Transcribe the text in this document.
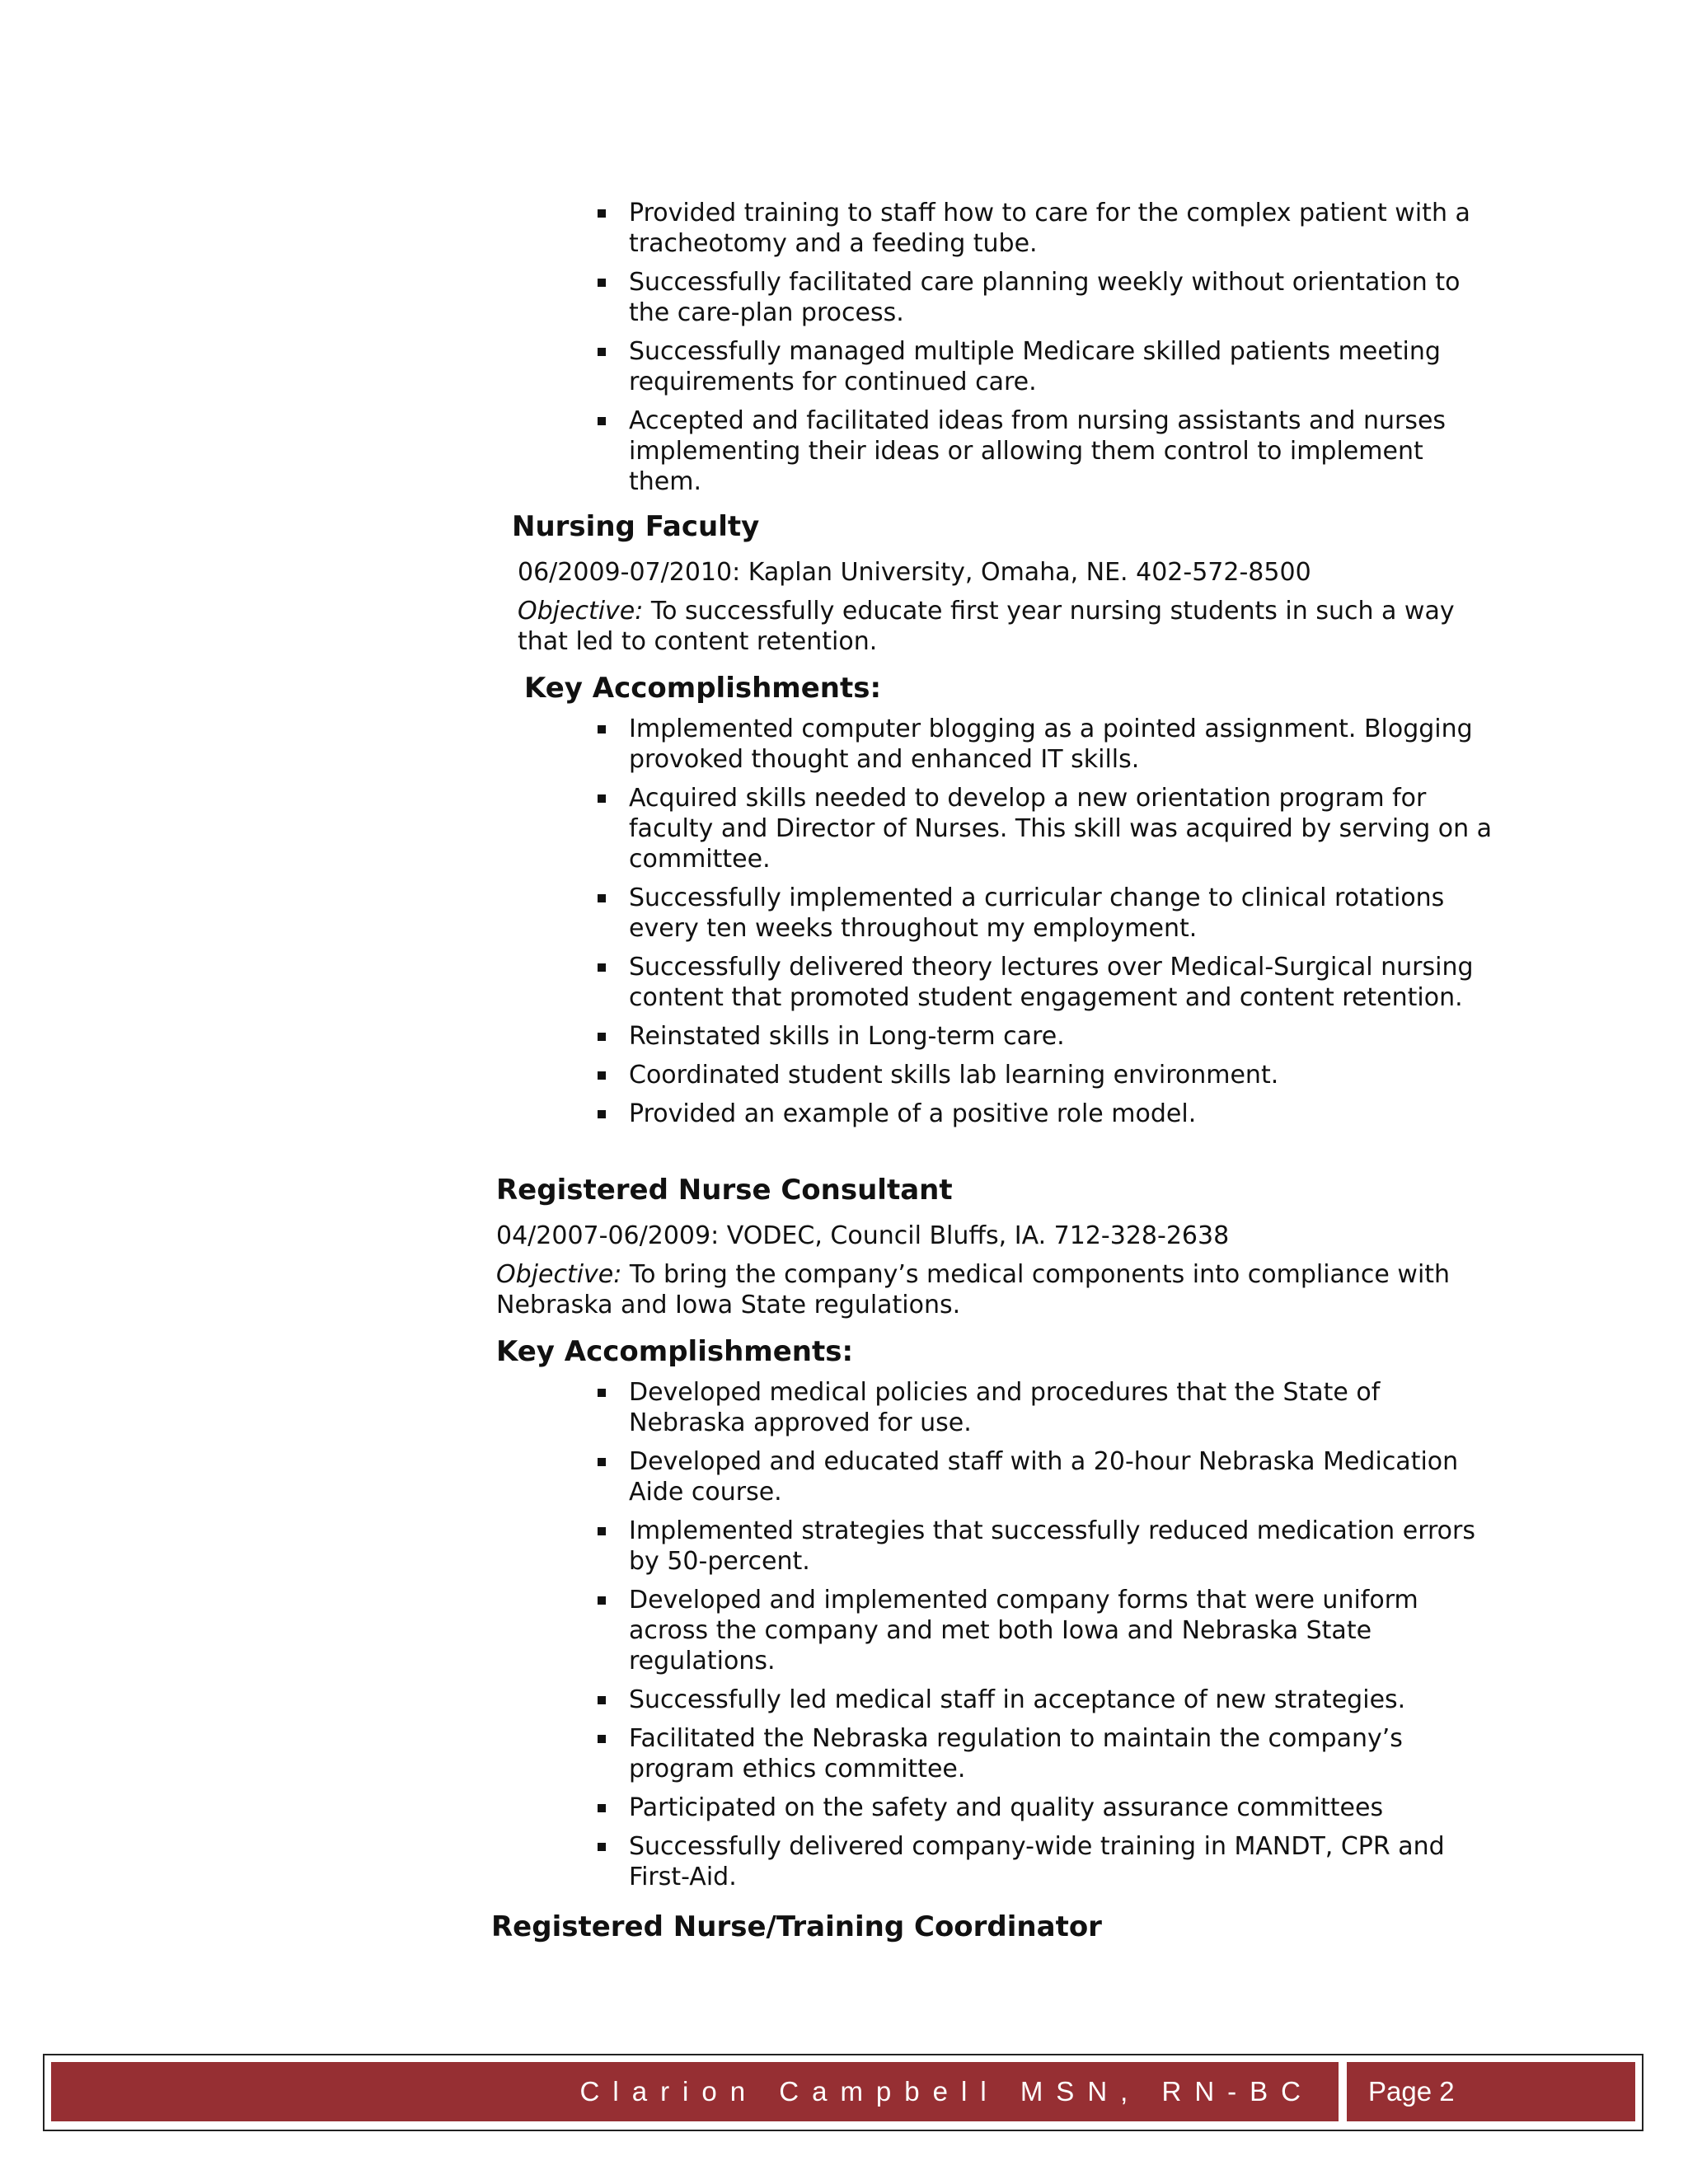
Provided training to staff how to care for the complex patient with a tracheotomy and a feeding tube.
Successfully facilitated care planning weekly without orientation to the care-plan process.
Successfully managed multiple Medicare skilled patients meeting requirements for continued care.
Accepted and facilitated ideas from nursing assistants and nurses implementing their ideas or allowing them control to implement them.
Nursing Faculty

06/2009-07/2010: Kaplan University, Omaha, NE. 402-572-8500

Objective: To successfully educate first year nursing students in such a way that led to content retention.

Key Accomplishments:
Implemented computer blogging as a pointed assignment. Blogging provoked thought and enhanced IT skills.
Acquired skills needed to develop a new orientation program for faculty and Director of Nurses. This skill was acquired by serving on a committee.
Successfully implemented a curricular change to clinical rotations every ten weeks throughout my employment.
Successfully delivered theory lectures over Medical-Surgical nursing content that promoted student engagement and content retention.
Reinstated skills in Long-term care.
Coordinated student skills lab learning environment.
Provided an example of a positive role model.
Registered Nurse Consultant

04/2007-06/2009: VODEC, Council Bluffs, IA. 712-328-2638

Objective: To bring the company’s medical components into compliance with Nebraska and Iowa State regulations.

Key Accomplishments:
Developed medical policies and procedures that the State of Nebraska approved for use.
Developed and educated staff with a 20-hour Nebraska Medication Aide course.
Implemented strategies that successfully reduced medication errors by 50-percent.
Developed and implemented company forms that were uniform across the company and met both Iowa and Nebraska State regulations.
Successfully led medical staff in acceptance of new strategies.
Facilitated the Nebraska regulation to maintain the company’s program ethics committee.
Participated on the safety and quality assurance committees
Successfully delivered company-wide training in MANDT, CPR and First-Aid.
Registered Nurse/Training Coordinator
Clarion Campbell MSN, RN-BC	Page 2
